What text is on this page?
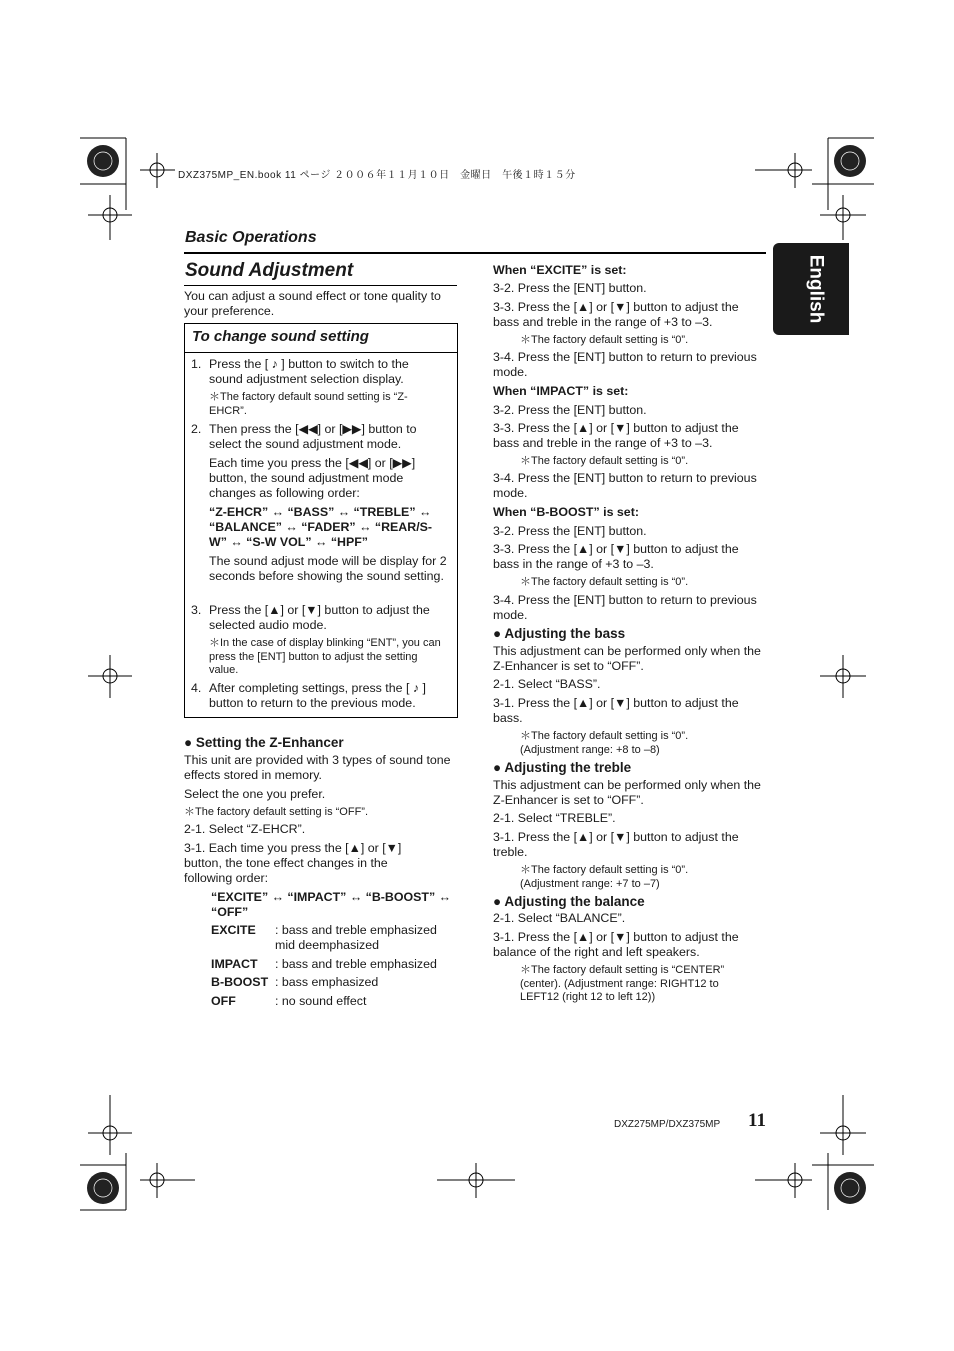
DXZ375MP_EN.book 11 ページ ２００６年１１月１０日　金曜日　午後１時１５分
Basic Operations
English
Sound Adjustment
You can adjust a sound effect or tone quality to your preference.
To change sound setting
1. Press the [ ♪ ] button to switch to the sound adjustment selection display.
＊The factory default sound setting is “Z-EHCR”.
2. Then press the [◀◀] or [▶▶] button to select the sound adjustment mode.
Each time you press the [◀◀] or [▶▶] button, the sound adjustment mode changes as following order:
“Z-EHCR” ↔ “BASS” ↔ “TREBLE” ↔ “BALANCE” ↔ “FADER” ↔ “REAR/S-W” ↔ “S-W VOL” ↔ “HPF”
The sound adjust mode will be display for 2 seconds before showing the sound setting.
3. Press the [▲] or [▼] button to adjust the selected audio mode.
＊In the case of display blinking “ENT”, you can press the [ENT] button to adjust the setting value.
4. After completing settings, press the [ ♪ ] button to return to the previous mode.
● Setting the Z-Enhancer
This unit are provided with 3 types of sound tone effects stored in memory.
Select the one you prefer.
＊The factory default setting is “OFF”.
2-1. Select “Z-EHCR”.
3-1. Each time you press the [▲] or [▼] button, the tone effect changes in the following order:
“EXCITE” ↔ “IMPACT” ↔ “B-BOOST” ↔ “OFF”
EXCITE : bass and treble emphasized mid deemphasized
IMPACT : bass and treble emphasized
B-BOOST : bass emphasized
OFF	: no sound effect
When “EXCITE” is set:
3-2. Press the [ENT] button.
3-3. Press the [▲] or [▼] button to adjust the bass and treble in the range of +3 to –3.
＊The factory default setting is “0”.
3-4. Press the [ENT] button to return to previous mode.
When “IMPACT” is set:
3-2. Press the [ENT] button.
3-3. Press the [▲] or [▼] button to adjust the bass and treble in the range of +3 to –3.
＊The factory default setting is “0”.
3-4. Press the [ENT] button to return to previous mode.
When “B-BOOST” is set:
3-2. Press the [ENT] button.
3-3. Press the [▲] or [▼] button to adjust the bass in the range of +3 to –3.
＊The factory default setting is “0”.
3-4. Press the [ENT] button to return to previous mode.
● Adjusting the bass
This adjustment can be performed only when the Z-Enhancer is set to “OFF”.
2-1. Select “BASS”.
3-1. Press the [▲] or [▼] button to adjust the bass.
＊The factory default setting is “0”. (Adjustment range: +8 to –8)
● Adjusting the treble
This adjustment can be performed only when the Z-Enhancer is set to “OFF”.
2-1. Select “TREBLE”.
3-1. Press the [▲] or [▼] button to adjust the treble.
＊The factory default setting is “0”. (Adjustment range: +7 to –7)
● Adjusting the balance
2-1. Select “BALANCE”.
3-1. Press the [▲] or [▼] button to adjust the balance of the right and left speakers.
＊The factory default setting is “CENTER” (center). (Adjustment range: RIGHT12 to LEFT12 (right 12 to left 12))
DXZ275MP/DXZ375MP 11
